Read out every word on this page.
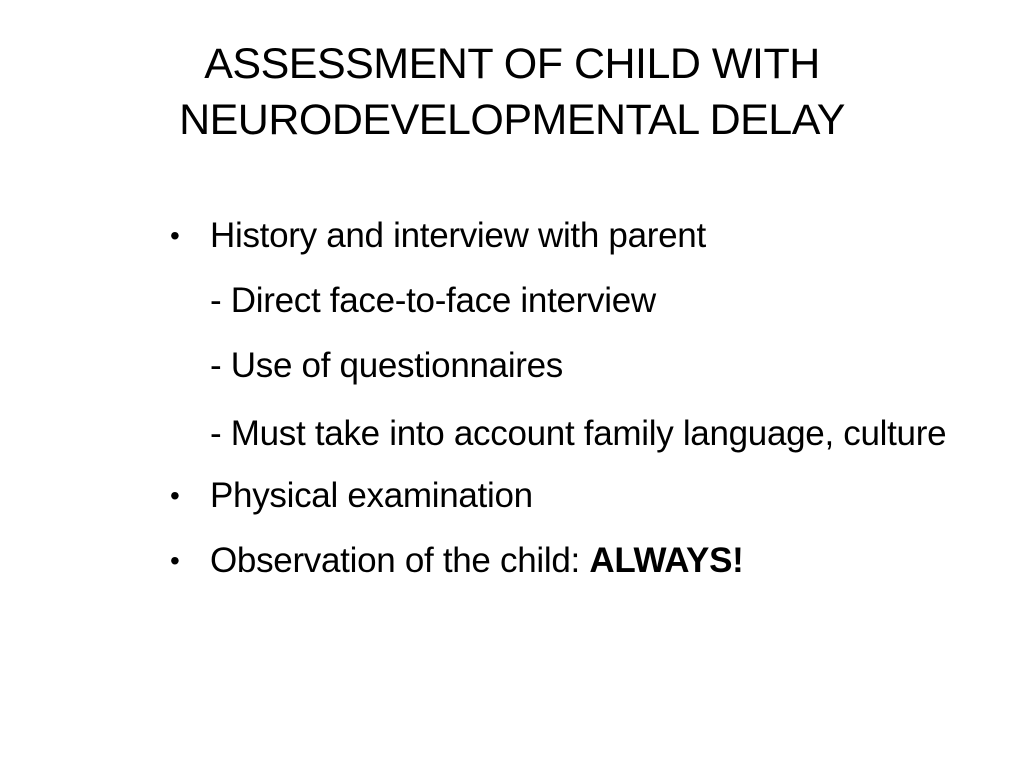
ASSESSMENT OF CHILD WITH
NEURODEVELOPMENTAL DELAY
• History and interview with parent
- Direct face-to-face interview
- Use of questionnaires
- Must take into account family language, culture
• Physical examination
• Observation of the child: ALWAYS!
